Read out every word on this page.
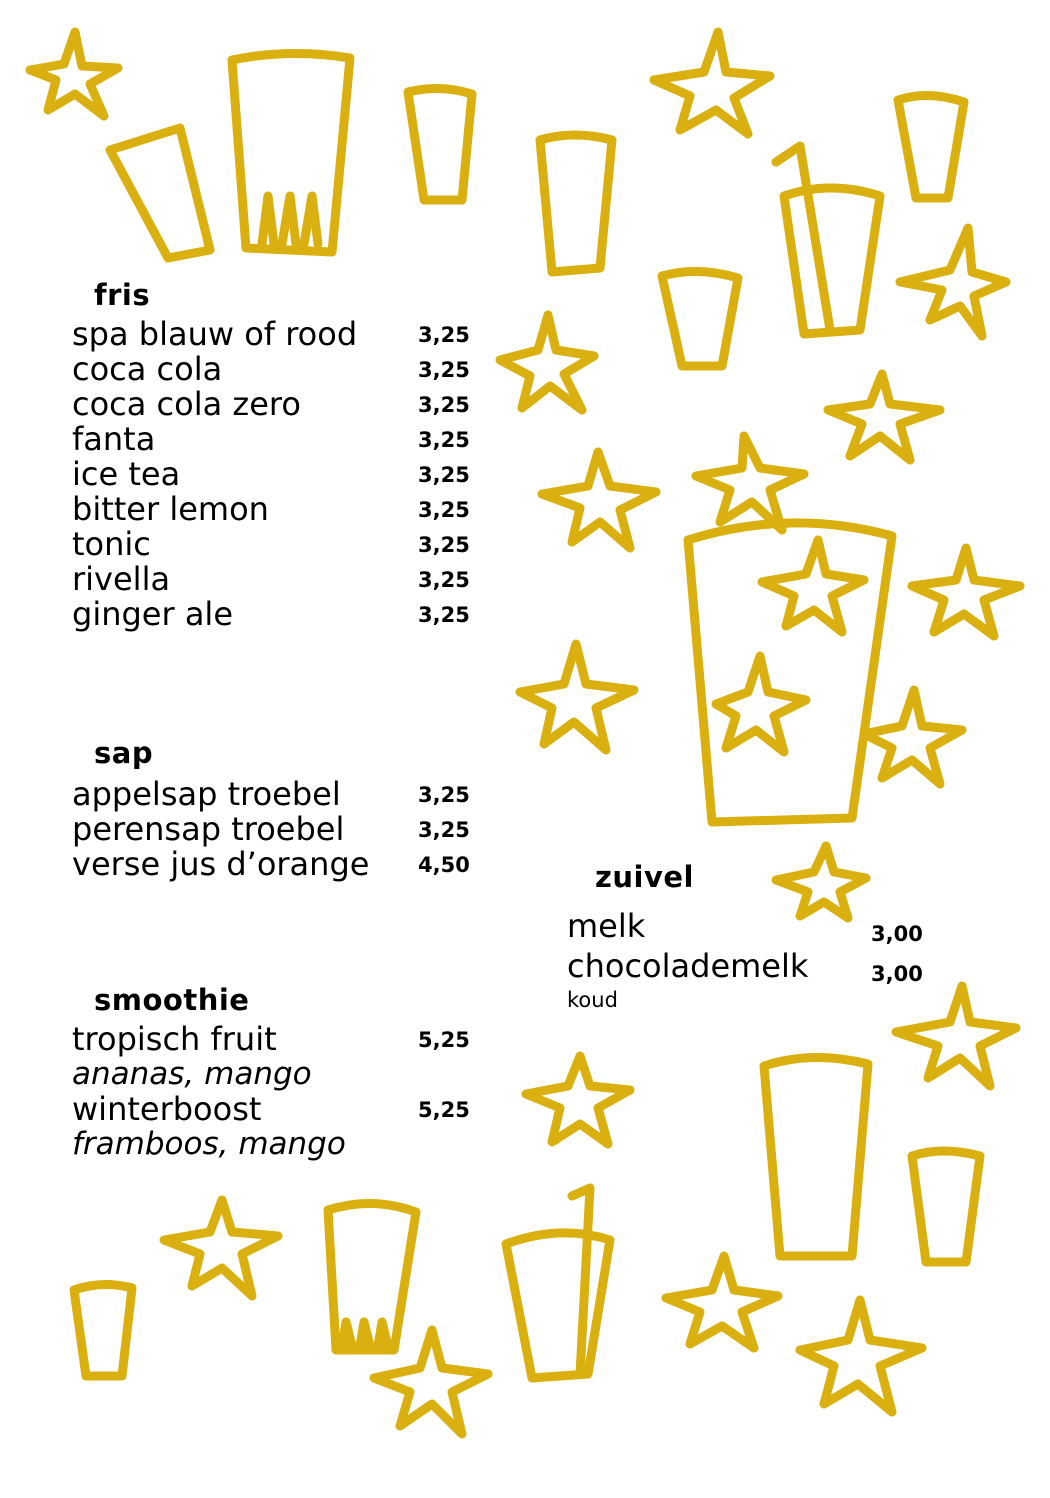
fris
spa blauw of rood	3,25
coca cola	3,25
coca cola zero	3,25
fanta	3,25
ice tea	3,25
bitter lemon	3,25
tonic	3,25
rivella	3,25
ginger ale	3,25
sap
appelsap troebel	3,25
perensap troebel	3,25
verse jus d’orange 4,50
smoothie
tropisch fruit	5,25
ananas, mango
winterboost	5,25
framboos, mango
zuivel
melk	3,00
chocolademelk	3,00
koud
